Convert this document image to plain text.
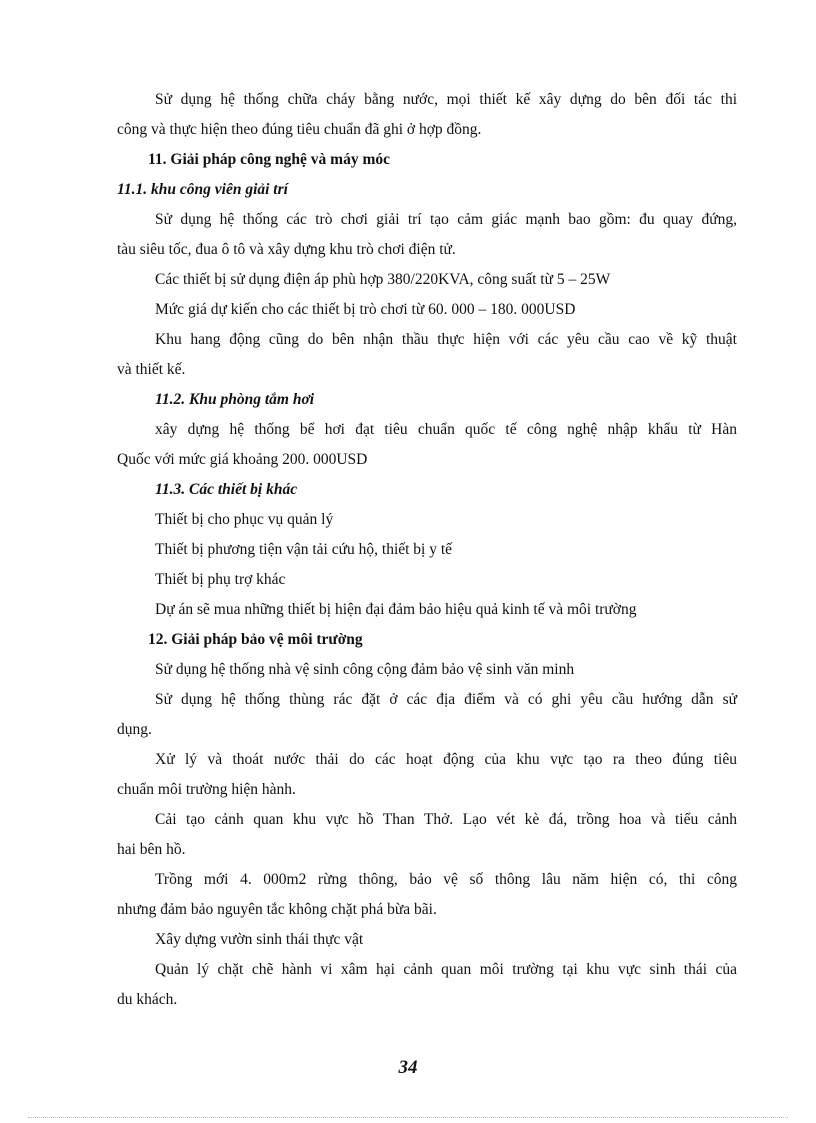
Sử dụng hệ thống chữa cháy bằng nước, mọi thiết kế xây dựng do bên đối tác thi
công và thực hiện theo đúng tiêu chuẩn đã ghi ở hợp đồng.
11. Giải pháp công nghệ và máy móc
11.1. khu công viên giải trí
Sử dụng hệ thống các trò chơi giải trí tạo cảm giác mạnh bao gồm: đu quay đứng,
tàu siêu tốc, đua ô tô và xây dựng khu trò chơi điện tử.
Các thiết bị sử dụng điện áp phù hợp 380/220KVA, công suất từ 5 – 25W
Mức giá dự kiến cho các thiết bị trò chơi từ 60. 000 – 180. 000USD
Khu hang động cũng do bên nhận thầu thực hiện với các yêu cầu cao về kỹ thuật
và thiết kế.
11.2. Khu phòng tắm hơi
xây dựng hệ thống bể hơi đạt tiêu chuẩn quốc tế công nghệ nhập khẩu từ Hàn
Quốc với mức giá khoảng 200. 000USD
11.3. Các thiết bị khác
Thiết bị cho phục vụ quản lý
Thiết bị phương tiện vận tải cứu hộ, thiết bị y tế
Thiết bị phụ trợ khác
Dự án sẽ mua những thiết bị hiện đại đảm bảo hiệu quả kinh tế và môi trường
12. Giải pháp bảo vệ môi trường
Sử dụng hệ thống nhà vệ sinh công cộng đảm bảo vệ sinh văn minh
Sử dụng hệ thống thùng rác đặt ở các địa điểm và có ghi yêu cầu hướng dẫn sử
dụng.
Xử lý và thoát nước thải do các hoạt động của khu vực tạo ra theo đúng tiêu
chuẩn môi trường hiện hành.
Cải tạo cảnh quan khu vực hồ Than Thở. Lạo vét kè đá, trồng hoa và tiểu cảnh
hai bên hồ.
Trồng mới 4. 000m2 rừng thông, bảo vệ số thông lâu năm hiện có, thi công
nhưng đảm bảo nguyên tắc không chặt phá bừa bãi.
Xây dựng vườn sinh thái thực vật
Quản lý chặt chẽ hành vi xâm hại cảnh quan môi trường tại khu vực sinh thái của
du khách.
34
